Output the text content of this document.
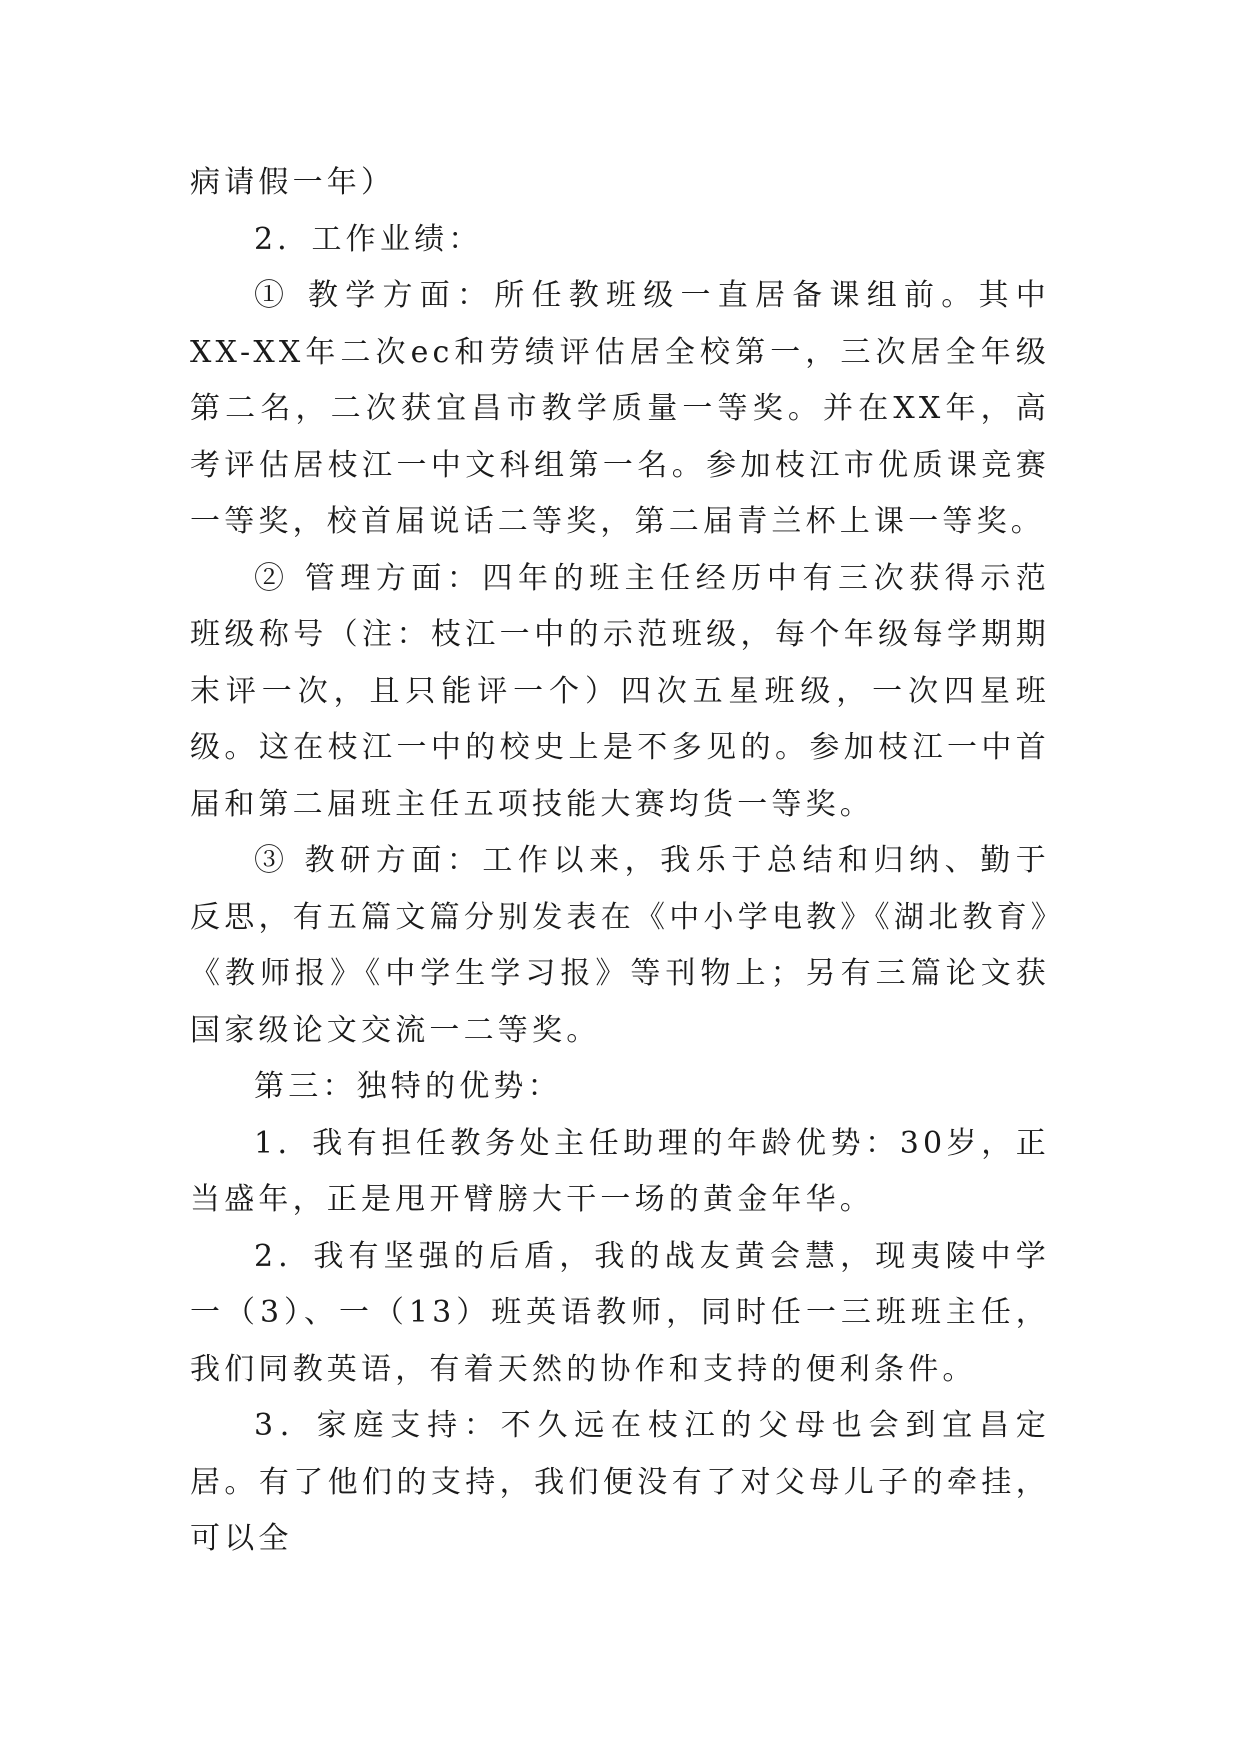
病请假一年）

2．工作业绩：

① 教学方面：所任教班级一直居备课组前。其中XX-XX年二次ec和劳绩评估居全校第一，三次居全年级第二名，二次获宜昌市教学质量一等奖。并在XX年，高考评估居枝江一中文科组第一名。参加枝江市优质课竞赛一等奖，校首届说话二等奖，第二届青兰杯上课一等奖。

② 管理方面：四年的班主任经历中有三次获得示范班级称号（注：枝江一中的示范班级，每个年级每学期期末评一次，且只能评一个）四次五星班级，一次四星班级。这在枝江一中的校史上是不多见的。参加枝江一中首届和第二届班主任五项技能大赛均货一等奖。

③ 教研方面：工作以来，我乐于总结和归纳、勤于反思，有五篇文篇分别发表在《中小学电教》《湖北教育》《教师报》《中学生学习报》等刊物上；另有三篇论文获国家级论文交流一二等奖。

第三：独特的优势：

1．我有担任教务处主任助理的年龄优势：30岁，正当盛年，正是甩开臂膀大干一场的黄金年华。

2．我有坚强的后盾，我的战友黄会慧，现夷陵中学一（3）、一（13）班英语教师，同时任一三班班主任，我们同教英语，有着天然的协作和支持的便利条件。

3．家庭支持：不久远在枝江的父母也会到宜昌定居。有了他们的支持，我们便没有了对父母儿子的牵挂，可以全
